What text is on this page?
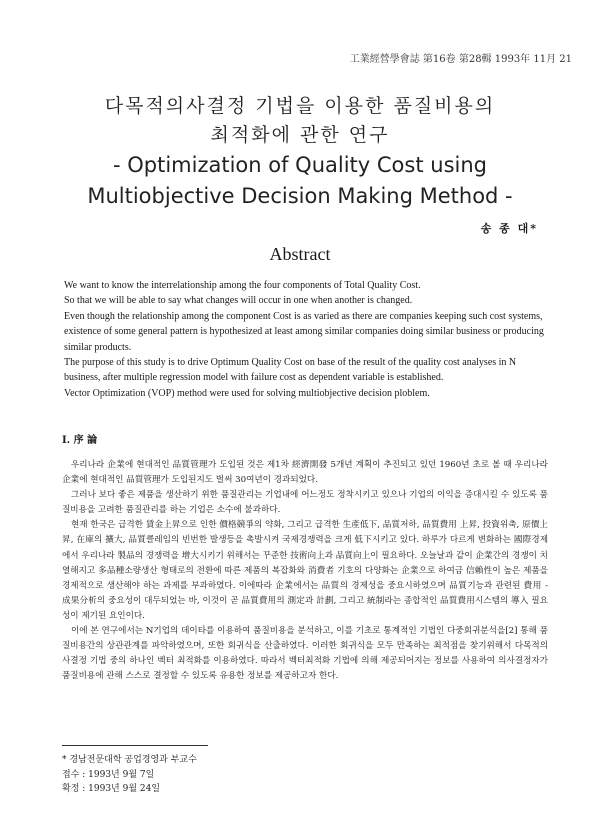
工業經營學會誌 第16卷 第28輯 1993年 11月 21
다목적의사결정 기법을 이용한 품질비용의
최적화에 관한 연구
- Optimization of Quality Cost using
Multiobjective Decision Making Method -
송 종 대*
Abstract

We want to know the interrelationship among the four components of Total Quality Cost.

So that we will be able to say what changes will occur in one when another is changed.

Even though the relationship among the component Cost is as varied as there are companies keeping such cost systems, existence of some general pattern is hypothesized at least among similar companies doing similar business or producing similar products.

The purpose of this study is to drive Optimum Quality Cost on base of the result of the quality cost analyses in N business, after multiple regression model with failure cost as dependent variable is established.

Vector Optimization (VOP) method were used for solving multiobjective decision ploblem.

Ⅰ. 序 論

우리나라 企業에 현대적인 品質管理가 도입된 것은 제1차 經濟開發 5개년 계획이 추진되고 있던 1960년 초로 볼 때 우리나라 企業에 현대적인 品質管理가 도입된지도 벌써 30여년이 경과되었다.

그러나 보다 좋은 제품을 생산하기 위한 품질관리는 기업내에 어느정도 정착시키고 있으나 기업의 이익을 증대시킬 수 있도록 품질비용을 고려한 품질관리를 하는 기업은 소수에 불과하다.

현재 한국은 급격한 賃金上昇으로 인한 價格競爭의 약화, 그리고 급격한 生產低下, 品質저하, 品質費用 上昇, 投資위축, 原價上昇, 在庫의 擴大, 品質클레임의 빈번한 발생등을 촉발시켜 국제경쟁력을 크게 低下시키고 있다. 하루가 다르게 변화하는 國際경제에서 우리나라 製品의 경쟁력을 增大시키기 위해서는 꾸준한 技術向上과 品質向上이 필요하다. 오늘날과 같이 企業간의 경쟁이 치열해지고 多品種소량생산 형태로의 전환에 따른 제품의 복잡화와 消費者 기호의 다양화는 企業으로 하여금 信賴性이 높은 제품을 경제적으로 생산해야 하는 과제를 부과하였다. 이에따라 企業에서는 品質의 경제성을 중요시하였으며 品質기능과 관련된 費用 - 成果分析의 중요성이 대두되었는 바, 이것이 곧 品質費用의 測定과 計劃, 그리고 統制라는 종합적인 品質費用시스템의 導入 필요성이 제기된 요인이다.

이에 본 연구에서는 N기업의 데이타를 이용하여 품질비용을 분석하고, 이를 기초로 통계적인 기법인 다중회귀분석을[2] 통해 품질비용간의 상관관계를 파악하였으며, 또한 회귀식을 산출하였다. 이러한 회귀식을 모두 만족하는 최적점을 찾기위해서 다목적의사결정 기법 중의 하나인 벡터 최적화를 이용하였다. 따라서 벡터최적화 기법에 의해 제공되어지는 정보를 사용하여 의사결정자가 품질비용에 관해 스스로 결정할 수 있도록 유용한 정보를 제공하고자 한다.

* 경남전문대학 공업경영과 부교수
접수 : 1993년 9월 7일
확정 : 1993년 9월 24일
